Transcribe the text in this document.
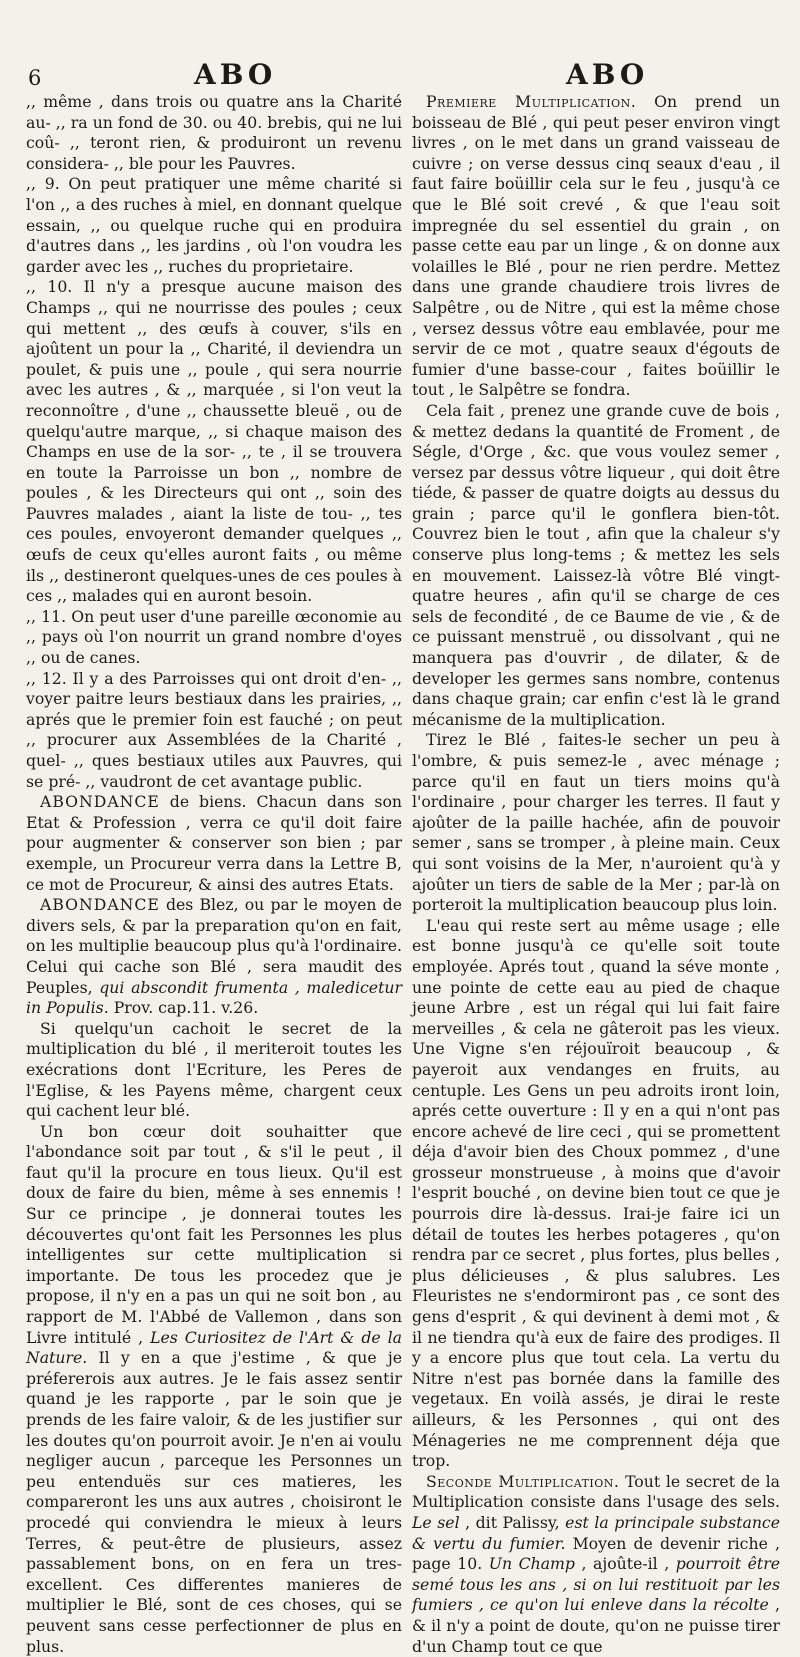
6	ABO	ABO

,, même , dans trois ou quatre ans la Charité au- ,, ra un fond de 30. ou 40. brebis, qui ne lui coû- ,, teront rien, & produiront un revenu considera- ,, ble pour les Pauvres.

,, 9. On peut pratiquer une même charité si l'on ,, a des ruches à miel, en donnant quelque essain, ,, ou quelque ruche qui en produira d'autres dans ,, les jardins , où l'on voudra les garder avec les ,, ruches du proprietaire.

,, 10. Il n'y a presque aucune maison des Champs ,, qui ne nourrisse des poules ; ceux qui mettent ,, des œufs à couver, s'ils en ajoûtent un pour la ,, Charité, il deviendra un poulet, & puis une ,, poule , qui sera nourrie avec les autres , & ,, marquée , si l'on veut la reconnoître , d'une ,, chaussette bleuë , ou de quelqu'autre marque, ,, si chaque maison des Champs en use de la sor- ,, te , il se trouvera en toute la Parroisse un bon ,, nombre de poules , & les Directeurs qui ont ,, soin des Pauvres malades , aiant la liste de tou- ,, tes ces poules, envoyeront demander quelques ,, œufs de ceux qu'elles auront faits , ou même ils ,, destineront quelques-unes de ces poules à ces ,, malades qui en auront besoin.

,, 11. On peut user d'une pareille œconomie au ,, pays où l'on nourrit un grand nombre d'oyes ,, ou de canes.

,, 12. Il y a des Parroisses qui ont droit d'en- ,, voyer paitre leurs bestiaux dans les prairies, ,, aprés que le premier foin est fauché ; on peut ,, procurer aux Assemblées de la Charité , quel- ,, ques bestiaux utiles aux Pauvres, qui se pré- ,, vaudront de cet avantage public.

ABONDANCE de biens. Chacun dans son Etat & Profession , verra ce qu'il doit faire pour augmenter & conserver son bien ; par exemple, un Procureur verra dans la Lettre B, ce mot de Procureur, & ainsi des autres Etats.

ABONDANCE des Blez, ou par le moyen de divers sels, & par la preparation qu'on en fait, on les multiplie beaucoup plus qu'à l'ordinaire. Celui qui cache son Blé , sera maudit des Peuples, qui abscondit frumenta , maledicetur in Populis. Prov. cap.11. v.26.

Si quelqu'un cachoit le secret de la multiplication du blé , il meriteroit toutes les exécrations dont l'Ecriture, les Peres de l'Eglise, & les Payens même, chargent ceux qui cachent leur blé.

Un bon cœur doit souhaitter que l'abondance soit par tout , & s'il le peut , il faut qu'il la procure en tous lieux. Qu'il est doux de faire du bien, même à ses ennemis ! Sur ce principe , je donnerai toutes les découvertes qu'ont fait les Personnes les plus intelligentes sur cette multiplication si importante. De tous les procedez que je propose, il n'y en a pas un qui ne soit bon , au rapport de M. l'Abbé de Vallemon , dans son Livre intitulé , Les Curiositez de l'Art & de la Nature. Il y en a que j'estime , & que je préfererois aux autres. Je le fais assez sentir quand je les rapporte , par le soin que je prends de les faire valoir, & de les justifier sur les doutes qu'on pourroit avoir. Je n'en ai voulu negliger aucun , parceque les Personnes un peu entenduës sur ces matieres, les compareront les uns aux autres , choisiront le procedé qui conviendra le mieux à leurs Terres, & peut-être de plusieurs, assez passablement bons, on en fera un tres-excellent. Ces differentes manieres de multiplier le Blé, sont de ces choses, qui se peuvent sans cesse perfectionner de plus en plus.

Premiere Multiplication. On prend un boisseau de Blé , qui peut peser environ vingt livres , on le met dans un grand vaisseau de cuivre ; on verse dessus cinq seaux d'eau , il faut faire boüillir cela sur le feu , jusqu'à ce que le Blé soit crevé , & que l'eau soit impregnée du sel essentiel du grain , on passe cette eau par un linge , & on donne aux volailles le Blé , pour ne rien perdre. Mettez dans une grande chaudiere trois livres de Salpêtre , ou de Nitre , qui est la même chose , versez dessus vôtre eau emblavée, pour me servir de ce mot , quatre seaux d'égouts de fumier d'une basse-cour , faites boüillir le tout , le Salpêtre se fondra.

Cela fait , prenez une grande cuve de bois , & mettez dedans la quantité de Froment , de Ségle, d'Orge , &c. que vous voulez semer , versez par dessus vôtre liqueur , qui doit être tiéde, & passer de quatre doigts au dessus du grain ; parce qu'il le gonflera bien-tôt. Couvrez bien le tout , afin que la chaleur s'y conserve plus long-tems ; & mettez les sels en mouvement. Laissez-là vôtre Blé vingt-quatre heures , afin qu'il se charge de ces sels de fecondité , de ce Baume de vie , & de ce puissant menstruë , ou dissolvant , qui ne manquera pas d'ouvrir , de dilater, & de developer les germes sans nombre, contenus dans chaque grain; car enfin c'est là le grand mécanisme de la multiplication.

Tirez le Blé , faites-le secher un peu à l'ombre, & puis semez-le , avec ménage ; parce qu'il en faut un tiers moins qu'à l'ordinaire , pour charger les terres. Il faut y ajoûter de la paille hachée, afin de pouvoir semer , sans se tromper , à pleine main. Ceux qui sont voisins de la Mer, n'auroient qu'à y ajoûter un tiers de sable de la Mer ; par-là on porteroit la multiplication beaucoup plus loin.

L'eau qui reste sert au même usage ; elle est bonne jusqu'à ce qu'elle soit toute employée. Aprés tout , quand la séve monte , une pointe de cette eau au pied de chaque jeune Arbre , est un régal qui lui fait faire merveilles , & cela ne gâteroit pas les vieux. Une Vigne s'en réjouïroit beaucoup , & payeroit aux vendanges en fruits, au centuple. Les Gens un peu adroits iront loin, aprés cette ouverture : Il y en a qui n'ont pas encore achevé de lire ceci , qui se promettent déja d'avoir bien des Choux pommez , d'une grosseur monstrueuse , à moins que d'avoir l'esprit bouché , on devine bien tout ce que je pourrois dire là-dessus. Irai-je faire ici un détail de toutes les herbes potageres , qu'on rendra par ce secret , plus fortes, plus belles , plus délicieuses , & plus salubres. Les Fleuristes ne s'endormiront pas , ce sont des gens d'esprit , & qui devinent à demi mot , & il ne tiendra qu'à eux de faire des prodiges. Il y a encore plus que tout cela. La vertu du Nitre n'est pas bornée dans la famille des vegetaux. En voilà assés, je dirai le reste ailleurs, & les Personnes , qui ont des Ménageries ne me comprennent déja que trop.

Seconde Multiplication. Tout le secret de la Multiplication consiste dans l'usage des sels. Le sel , dit Palissy, est la principale substance & vertu du fumier. Moyen de devenir riche , page 10. Un Champ , ajoûte-il , pourroit être semé tous les ans , si on lui restituoit par les fumiers , ce qu'on lui enleve dans la récolte , & il n'y a point de doute, qu'on ne puisse tirer d'un Champ tout ce que
